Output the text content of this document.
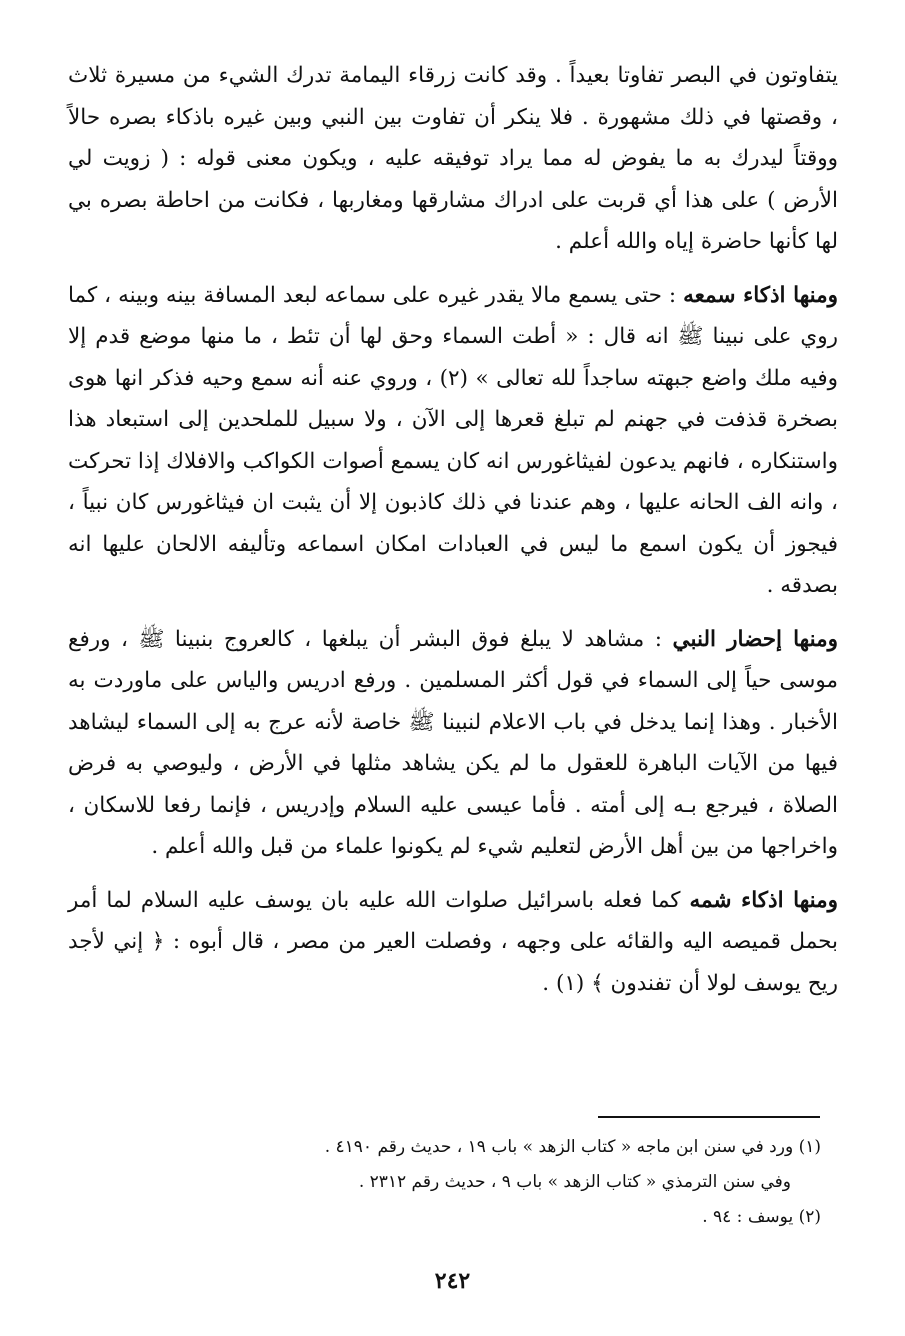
يتفاوتون في البصر تفاوتا بعيداً . وقد كانت زرقاء اليمامة تدرك الشيء من مسيرة ثلاث ، وقصتها في ذلك مشهورة . فلا ينكر أن تفاوت بين النبي وبين غيره باذكاء بصره حالاً ووقتاً ليدرك به ما يفوض له مما يراد توفيقه عليه ، ويكون معنى قوله : ( زويت لي الأرض ) على هذا أي قربت على ادراك مشارقها ومغاربها ، فكانت من احاطة بصره بي لها كأنها حاضرة إياه والله أعلم .

ومنها اذكاء سمعه : حتى يسمع مالا يقدر غيره على سماعه لبعد المسافة بينه وبينه ، كما روي على نبينا ﷺ انه قال : « أطت السماء وحق لها أن تئط ، ما منها موضع قدم إلا وفيه ملك واضع جبهته ساجداً لله تعالى » (٢) ، وروي عنه أنه سمع وحيه فذكر انها هوى بصخرة قذفت في جهنم لم تبلغ قعرها إلى الآن ، ولا سبيل للملحدين إلى استبعاد هذا واستنكاره ، فانهم يدعون لفيثاغورس انه كان يسمع أصوات الكواكب والافلاك إذا تحركت ، وانه الف الحانه عليها ، وهم عندنا في ذلك كاذبون إلا أن يثبت ان فيثاغورس كان نبياً ، فيجوز أن يكون اسمع ما ليس في العبادات امكان اسماعه وتأليفه الالحان عليها انه بصدقه .

ومنها إحضار النبي : مشاهد لا يبلغ فوق البشر أن يبلغها ، كالعروج بنبينا ﷺ ، ورفع موسى حياً إلى السماء في قول أكثر المسلمين . ورفع ادريس والياس على ماوردت به الأخبار . وهذا إنما يدخل في باب الاعلام لنبينا ﷺ خاصة لأنه عرج به إلى السماء ليشاهد فيها من الآيات الباهرة للعقول ما لم يكن يشاهد مثلها في الأرض ، وليوصي به فرض الصلاة ، فيرجع بـه إلى أمته . فأما عيسى عليه السلام وإدريس ، فإنما رفعا للاسكان ، واخراجها من بين أهل الأرض لتعليم شيء لم يكونوا علماء من قبل والله أعلم .

ومنها اذكاء شمه كما فعله باسرائيل صلوات الله عليه بان يوسف عليه السلام لما أمر بحمل قميصه اليه والقائه على وجهه ، وفصلت العير من مصر ، قال أبوه : ﴿ إني لأجد ريح يوسف لولا أن تفندون ﴾ (١) .

(١) ورد في سنن ابن ماجه « كتاب الزهد » باب ١٩ ، حديث رقم ٤١٩٠ .

وفي سنن الترمذي « كتاب الزهد » باب ٩ ، حديث رقم ٢٣١٢ .

(٢) يوسف : ٩٤ .

٢٤٢
